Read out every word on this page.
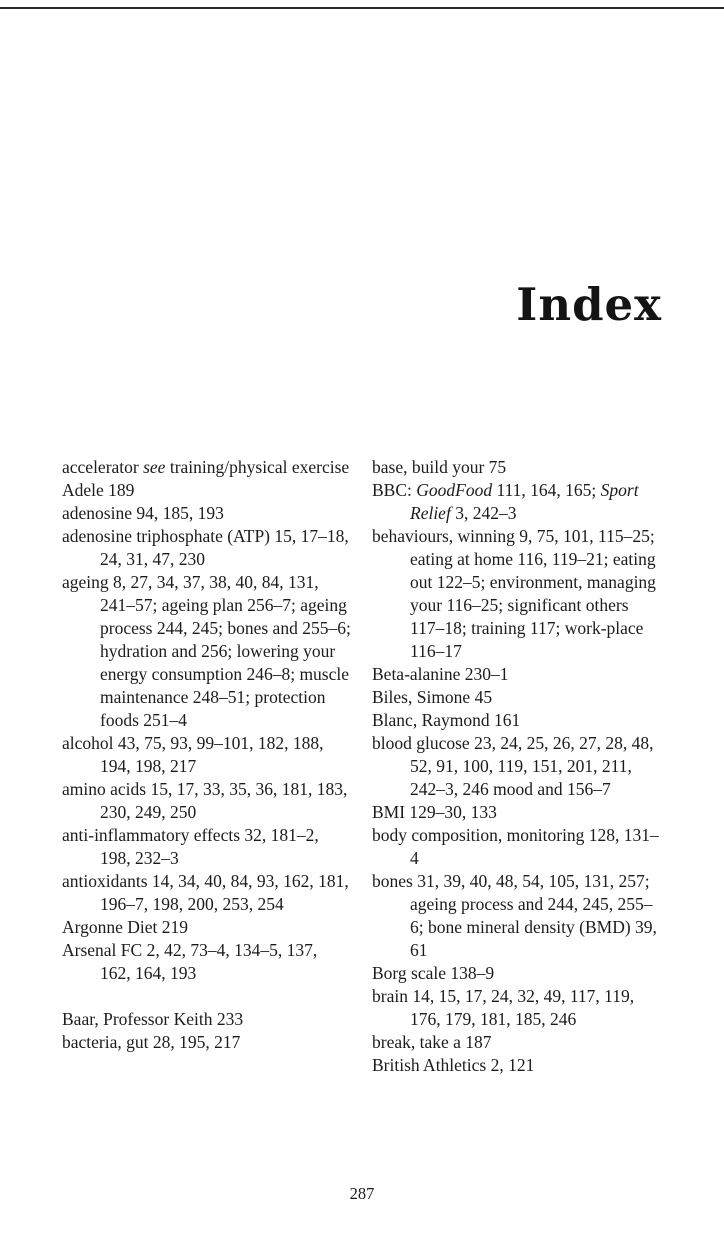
Index

accelerator see training/physical exercise

Adele 189

adenosine 94, 185, 193

adenosine triphosphate (ATP) 15, 17–18, 24, 31, 47, 230

ageing 8, 27, 34, 37, 38, 40, 84, 131, 241–57; ageing plan 256–7; ageing process 244, 245; bones and 255–6; hydration and 256; lowering your energy consumption 246–8; muscle maintenance 248–51; protection foods 251–4

alcohol 43, 75, 93, 99–101, 182, 188, 194, 198, 217

amino acids 15, 17, 33, 35, 36, 181, 183, 230, 249, 250

anti-inflammatory effects 32, 181–2, 198, 232–3

antioxidants 14, 34, 40, 84, 93, 162, 181, 196–7, 198, 200, 253, 254

Argonne Diet 219

Arsenal FC 2, 42, 73–4, 134–5, 137, 162, 164, 193

Baar, Professor Keith 233

bacteria, gut 28, 195, 217

base, build your 75

BBC: GoodFood 111, 164, 165; Sport Relief 3, 242–3

behaviours, winning 9, 75, 101, 115–25; eating at home 116, 119–21; eating out 122–5; environment, managing your 116–25; significant others 117–18; training 117; work-place 116–17

Beta-alanine 230–1

Biles, Simone 45

Blanc, Raymond 161

blood glucose 23, 24, 25, 26, 27, 28, 48, 52, 91, 100, 119, 151, 201, 211, 242–3, 246 mood and 156–7

BMI 129–30, 133

body composition, monitoring 128, 131–4

bones 31, 39, 40, 48, 54, 105, 131, 257; ageing process and 244, 245, 255–6; bone mineral density (BMD) 39, 61

Borg scale 138–9

brain 14, 15, 17, 24, 32, 49, 117, 119, 176, 179, 181, 185, 246

break, take a 187

British Athletics 2, 121

287
